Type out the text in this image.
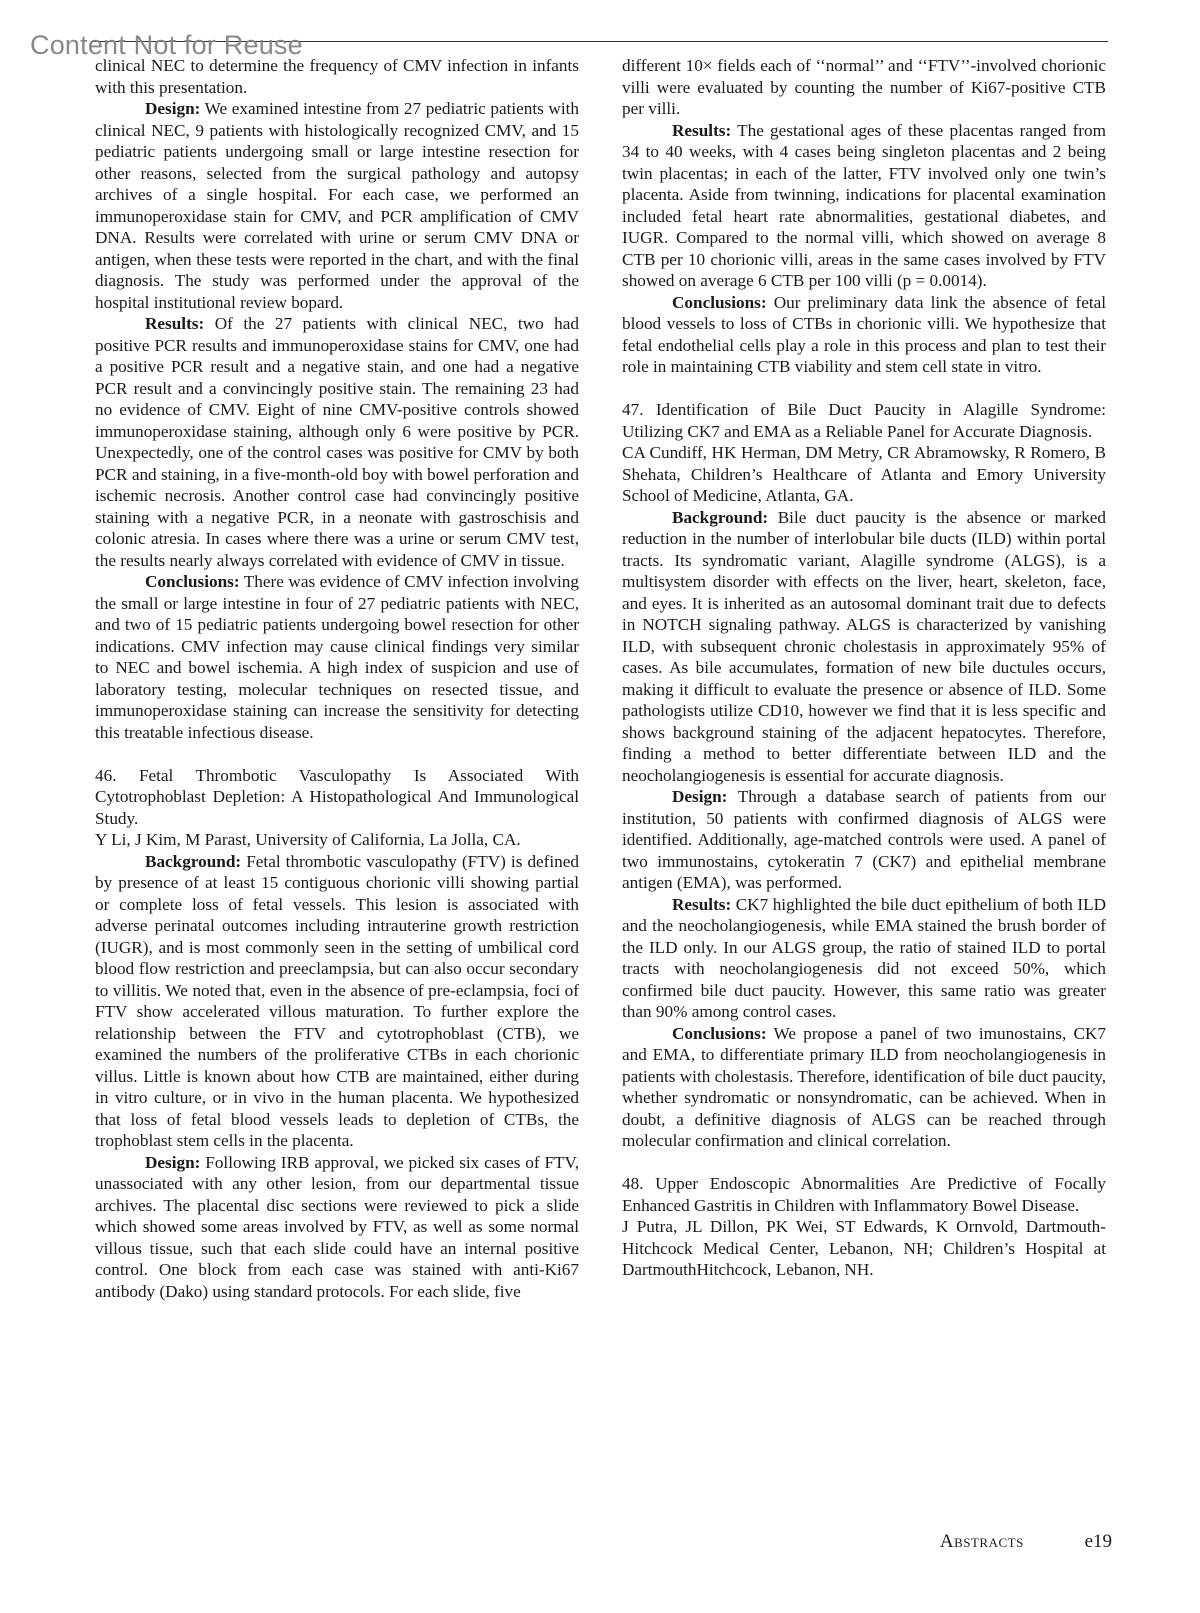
Content Not for Reuse

clinical NEC to determine the frequency of CMV infection in infants with this presentation.

Design: We examined intestine from 27 pediatric patients with clinical NEC, 9 patients with histologically recognized CMV, and 15 pediatric patients undergoing small or large intestine resection for other reasons, selected from the surgical pathology and autopsy archives of a single hospital. For each case, we performed an immunoperoxidase stain for CMV, and PCR amplification of CMV DNA. Results were correlated with urine or serum CMV DNA or antigen, when these tests were reported in the chart, and with the final diagnosis. The study was performed under the approval of the hospital institutional review bopard.

Results: Of the 27 patients with clinical NEC, two had positive PCR results and immunoperoxidase stains for CMV, one had a positive PCR result and a negative stain, and one had a negative PCR result and a convincingly positive stain. The remaining 23 had no evidence of CMV. Eight of nine CMV-positive controls showed immunoperoxidase staining, although only 6 were positive by PCR. Unexpectedly, one of the control cases was positive for CMV by both PCR and staining, in a five-month-old boy with bowel perforation and ischemic necrosis. Another control case had convincingly positive staining with a negative PCR, in a neonate with gastroschisis and colonic atresia. In cases where there was a urine or serum CMV test, the results nearly always correlated with evidence of CMV in tissue.

Conclusions: There was evidence of CMV infection involving the small or large intestine in four of 27 pediatric patients with NEC, and two of 15 pediatric patients undergoing bowel resection for other indications. CMV infection may cause clinical findings very similar to NEC and bowel ischemia. A high index of suspicion and use of laboratory testing, molecular techniques on resected tissue, and immunoperoxidase staining can increase the sensitivity for detecting this treatable infectious disease.

46. Fetal Thrombotic Vasculopathy Is Associated With Cytotrophoblast Depletion: A Histopathological And Immunological Study.

Y Li, J Kim, M Parast, University of California, La Jolla, CA.

Background: Fetal thrombotic vasculopathy (FTV) is defined by presence of at least 15 contiguous chorionic villi showing partial or complete loss of fetal vessels. This lesion is associated with adverse perinatal outcomes including intrauterine growth restriction (IUGR), and is most commonly seen in the setting of umbilical cord blood flow restriction and preeclampsia, but can also occur secondary to villitis. We noted that, even in the absence of pre-eclampsia, foci of FTV show accelerated villous maturation. To further explore the relationship between the FTV and cytotrophoblast (CTB), we examined the numbers of the proliferative CTBs in each chorionic villus. Little is known about how CTB are maintained, either during in vitro culture, or in vivo in the human placenta. We hypothesized that loss of fetal blood vessels leads to depletion of CTBs, the trophoblast stem cells in the placenta.

Design: Following IRB approval, we picked six cases of FTV, unassociated with any other lesion, from our departmental tissue archives. The placental disc sections were reviewed to pick a slide which showed some areas involved by FTV, as well as some normal villous tissue, such that each slide could have an internal positive control. One block from each case was stained with anti-Ki67 antibody (Dako) using standard protocols. For each slide, five

different 10× fields each of ‘‘normal’’ and ‘‘FTV’’-involved chorionic villi were evaluated by counting the number of Ki67-positive CTB per villi.

Results: The gestational ages of these placentas ranged from 34 to 40 weeks, with 4 cases being singleton placentas and 2 being twin placentas; in each of the latter, FTV involved only one twin’s placenta. Aside from twinning, indications for placental examination included fetal heart rate abnormalities, gestational diabetes, and IUGR. Compared to the normal villi, which showed on average 8 CTB per 10 chorionic villi, areas in the same cases involved by FTV showed on average 6 CTB per 100 villi (p = 0.0014).

Conclusions: Our preliminary data link the absence of fetal blood vessels to loss of CTBs in chorionic villi. We hypothesize that fetal endothelial cells play a role in this process and plan to test their role in maintaining CTB viability and stem cell state in vitro.

47. Identification of Bile Duct Paucity in Alagille Syndrome: Utilizing CK7 and EMA as a Reliable Panel for Accurate Diagnosis.

CA Cundiff, HK Herman, DM Metry, CR Abramowsky, R Romero, B Shehata, Children’s Healthcare of Atlanta and Emory University School of Medicine, Atlanta, GA.

Background: Bile duct paucity is the absence or marked reduction in the number of interlobular bile ducts (ILD) within portal tracts. Its syndromatic variant, Alagille syndrome (ALGS), is a multisystem disorder with effects on the liver, heart, skeleton, face, and eyes. It is inherited as an autosomal dominant trait due to defects in NOTCH signaling pathway. ALGS is characterized by vanishing ILD, with subsequent chronic cholestasis in approximately 95% of cases. As bile accumulates, formation of new bile ductules occurs, making it difficult to evaluate the presence or absence of ILD. Some pathologists utilize CD10, however we find that it is less specific and shows background staining of the adjacent hepatocytes. Therefore, finding a method to better differentiate between ILD and the neocholangiogenesis is essential for accurate diagnosis.

Design: Through a database search of patients from our institution, 50 patients with confirmed diagnosis of ALGS were identified. Additionally, age-matched controls were used. A panel of two immunostains, cytokeratin 7 (CK7) and epithelial membrane antigen (EMA), was performed.

Results: CK7 highlighted the bile duct epithelium of both ILD and the neocholangiogenesis, while EMA stained the brush border of the ILD only. In our ALGS group, the ratio of stained ILD to portal tracts with neocholangiogenesis did not exceed 50%, which confirmed bile duct paucity. However, this same ratio was greater than 90% among control cases.

Conclusions: We propose a panel of two imunostains, CK7 and EMA, to differentiate primary ILD from neocholangiogenesis in patients with cholestasis. Therefore, identification of bile duct paucity, whether syndromatic or nonsyndromatic, can be achieved. When in doubt, a definitive diagnosis of ALGS can be reached through molecular confirmation and clinical correlation.

48. Upper Endoscopic Abnormalities Are Predictive of Focally Enhanced Gastritis in Children with Inflammatory Bowel Disease.

J Putra, JL Dillon, PK Wei, ST Edwards, K Ornvold, Dartmouth-Hitchcock Medical Center, Lebanon, NH; Children’s Hospital at DartmouthHitchcock, Lebanon, NH.

Abstracts	e19
